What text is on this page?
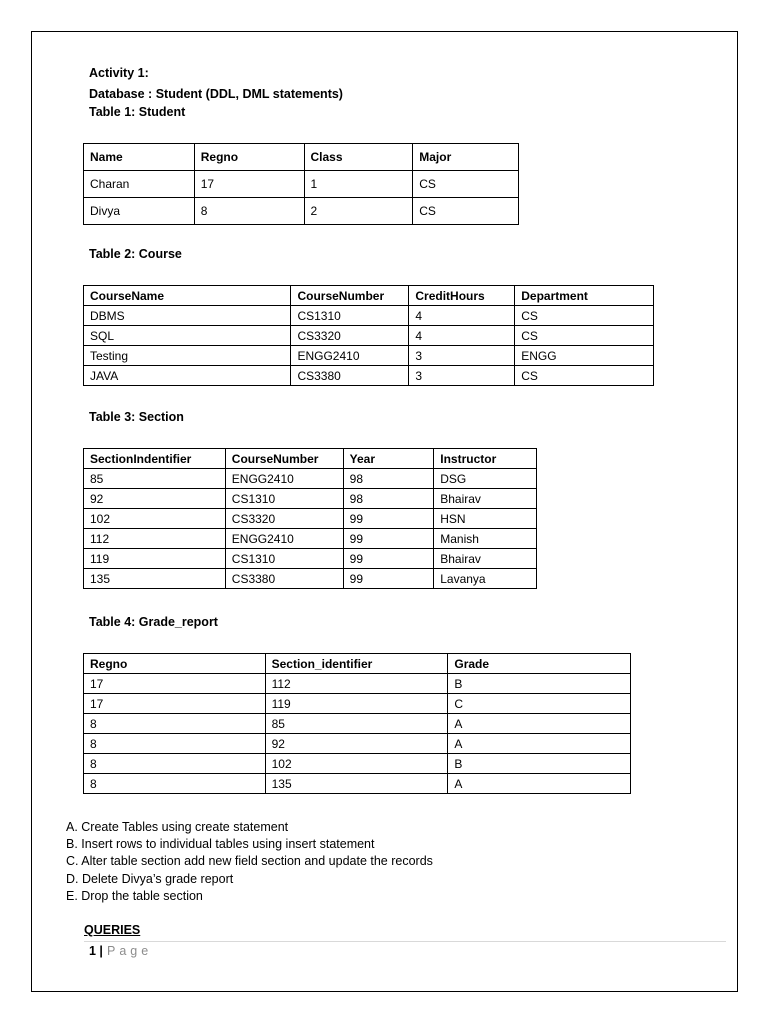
Activity 1:
Database : Student (DDL, DML statements)
Table 1: Student
Name	Regno	Class	Major
Charan	17	1	CS
Divya	8	2	CS
Table 2: Course
CourseName	CourseNumber	CreditHours	Department
DBMS	CS1310	4	CS
SQL	CS3320	4	CS
Testing	ENGG2410	3	ENGG
JAVA	CS3380	3	CS
Table 3: Section
SectionIndentifier	CourseNumber	Year	Instructor
85	ENGG2410	98	DSG
92	CS1310	98	Bhairav
102	CS3320	99	HSN
112	ENGG2410	99	Manish
119	CS1310	99	Bhairav
135	CS3380	99	Lavanya
Table 4: Grade_report
Regno	Section_identifier	Grade
17	112	B
17	119	C
8	85	A
8	92	A
8	102	B
8	135	A
A. Create Tables using create statement
B. Insert rows to individual tables using insert statement
C. Alter table section add new field section and update the records
D. Delete Divya’s grade report
E. Drop the table section
QUERIES
1 | Page
